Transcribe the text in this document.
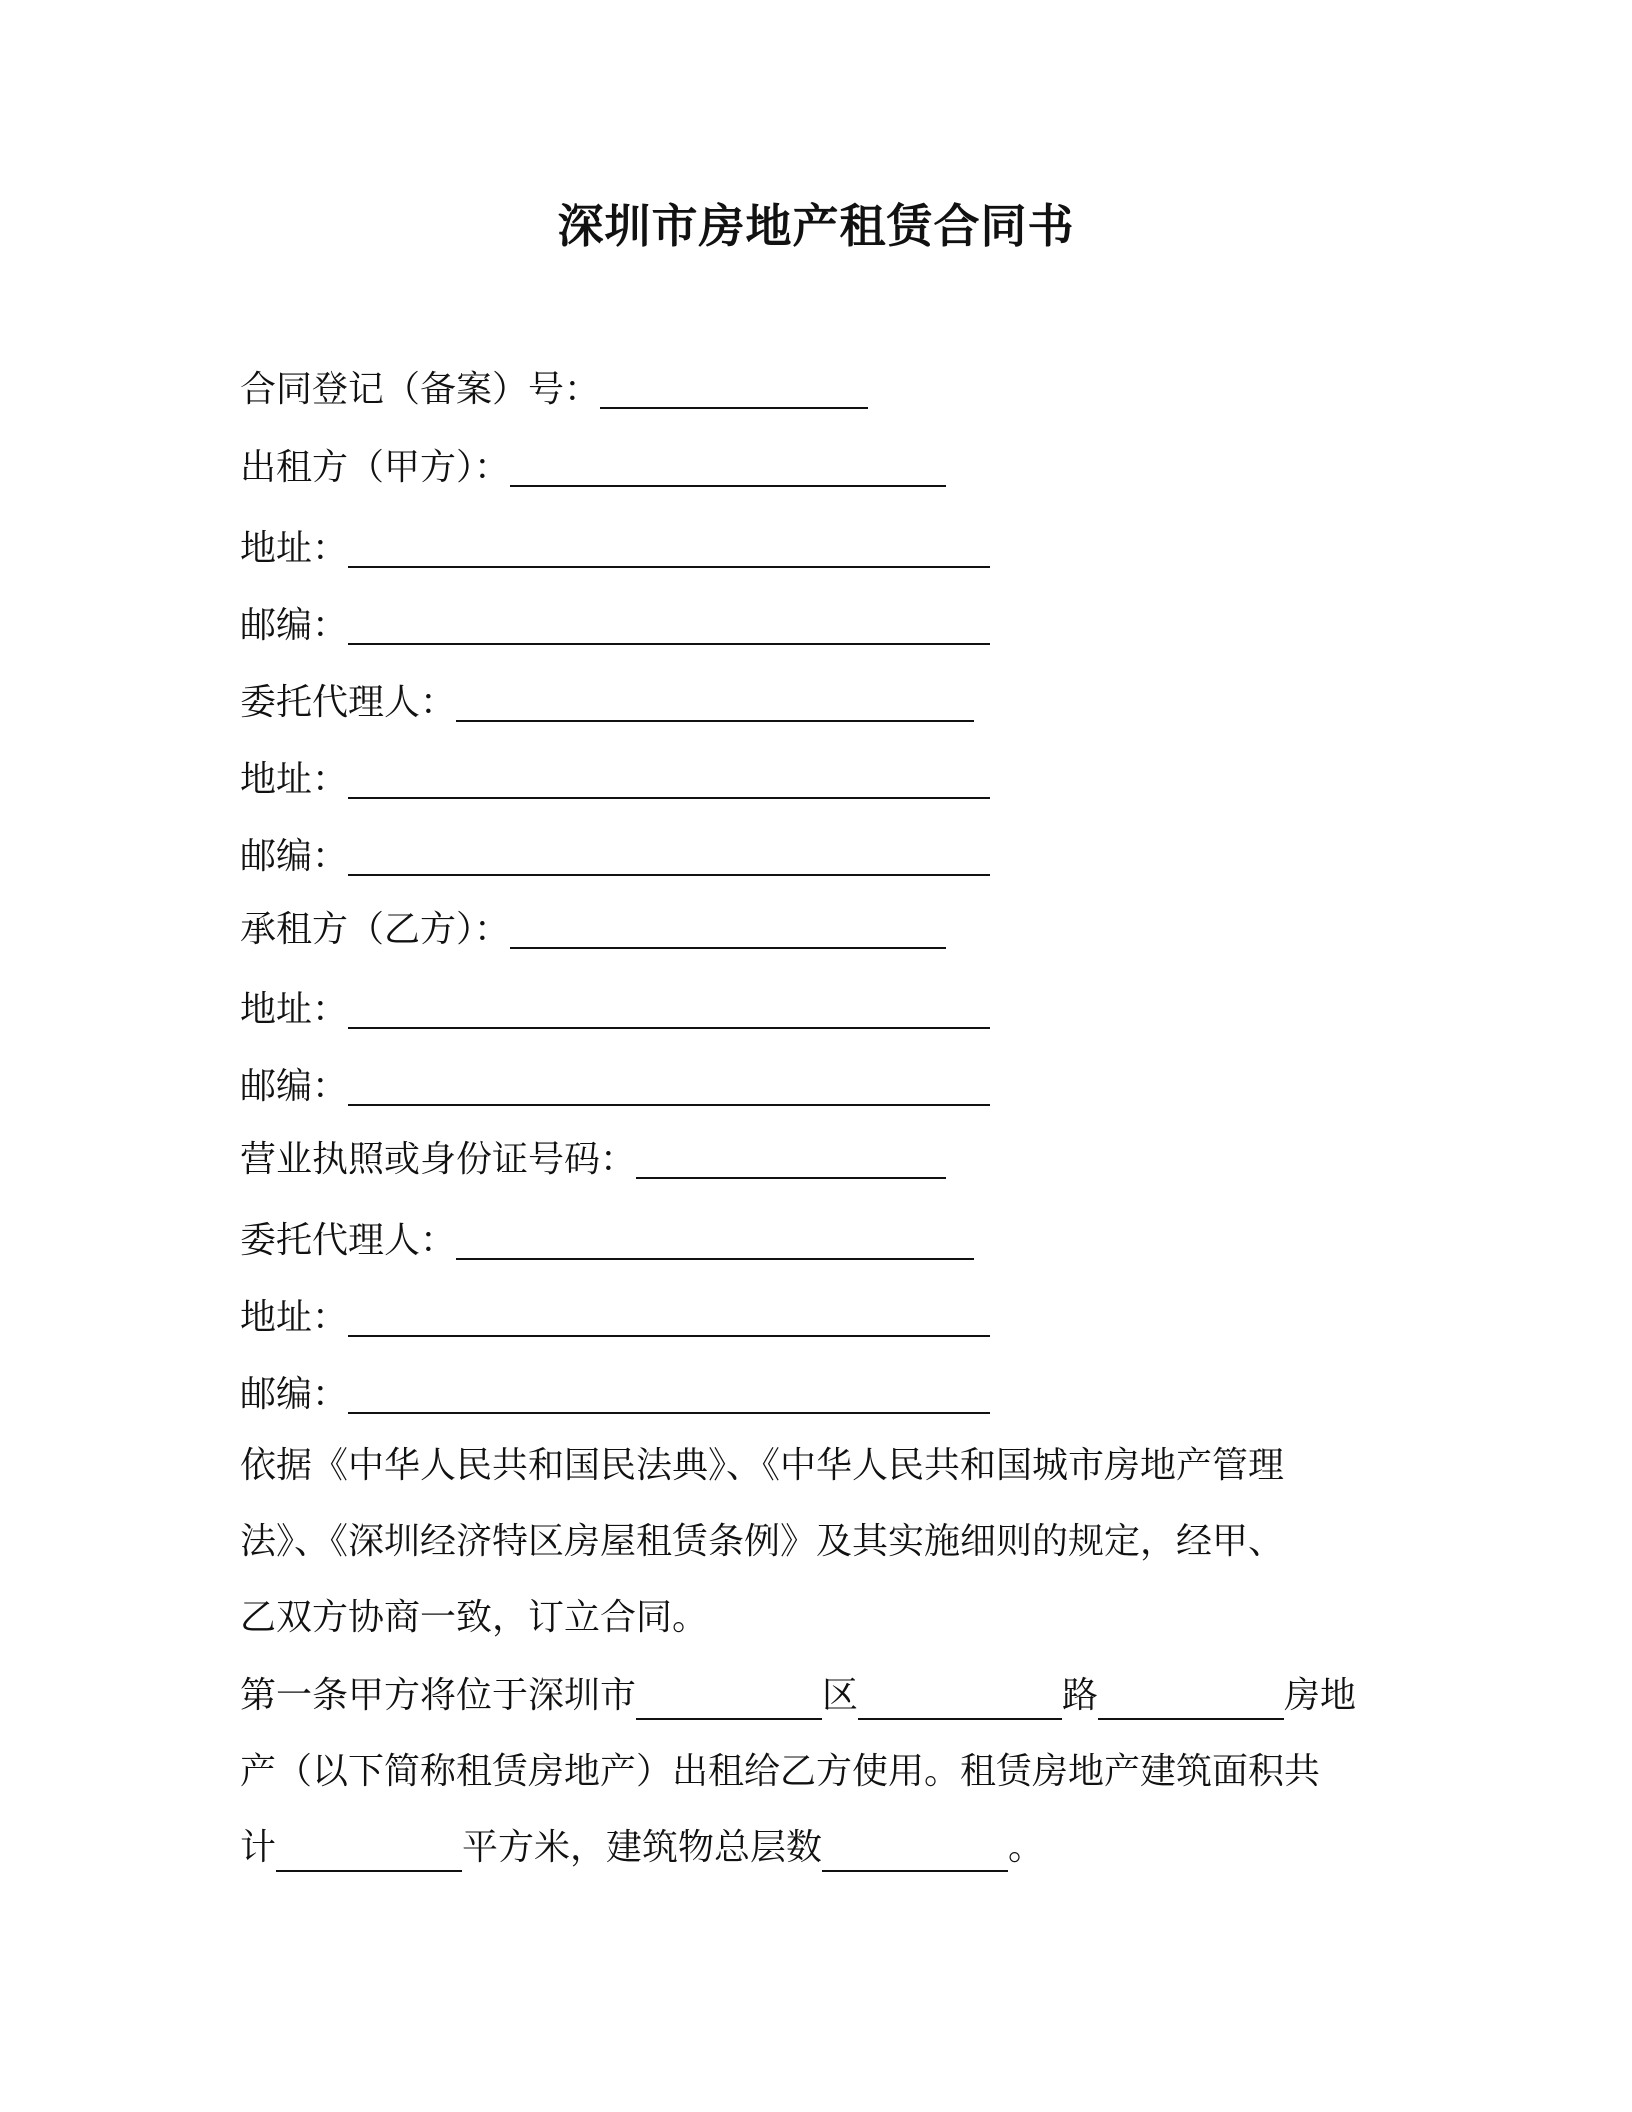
深圳市房地产租赁合同书
合同登记（备案）号：
出租方（甲方）：
地址：
邮编：
委托代理人：
地址：
邮编：
承租方（乙方）：
地址：
邮编：
营业执照或身份证号码：
委托代理人：
地址：
邮编：
依据《中华人民共和国民法典》、《中华人民共和国城市房地产管理
法》、《深圳经济特区房屋租赁条例》及其实施细则的规定，经甲、
乙双方协商一致，订立合同。
第一条甲方将位于深圳市	区	路	房地
产（以下简称租赁房地产）出租给乙方使用。租赁房地产建筑面积共
计	平方米，建筑物总层数	。
